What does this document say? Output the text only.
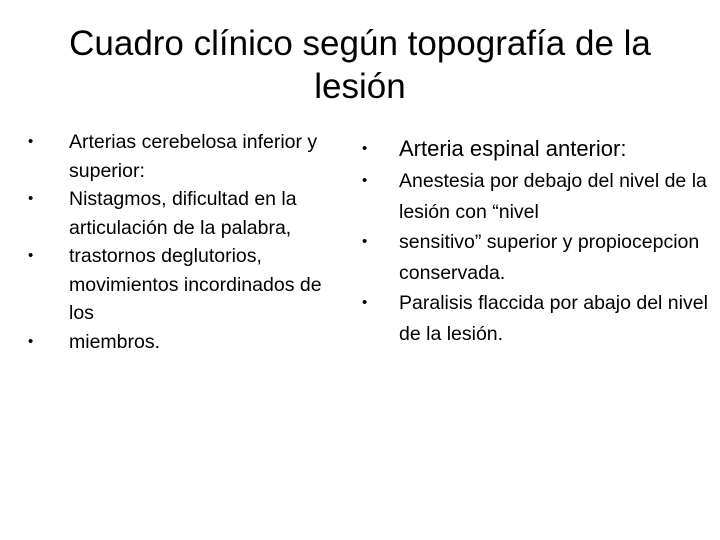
Cuadro clínico según topografía de la lesión
•	Arterias cerebelosa inferior y superior:
•	Nistagmos, dificultad en la articulación de la palabra,
•	trastornos deglutorios, movimientos incordinados de los
•	miembros.
•	Arteria espinal anterior:
•	Anestesia por debajo del nivel de la lesión con “nivel
•	sensitivo” superior y propiocepcion conservada.
•	Paralisis flaccida por abajo del nivel de la lesión.
